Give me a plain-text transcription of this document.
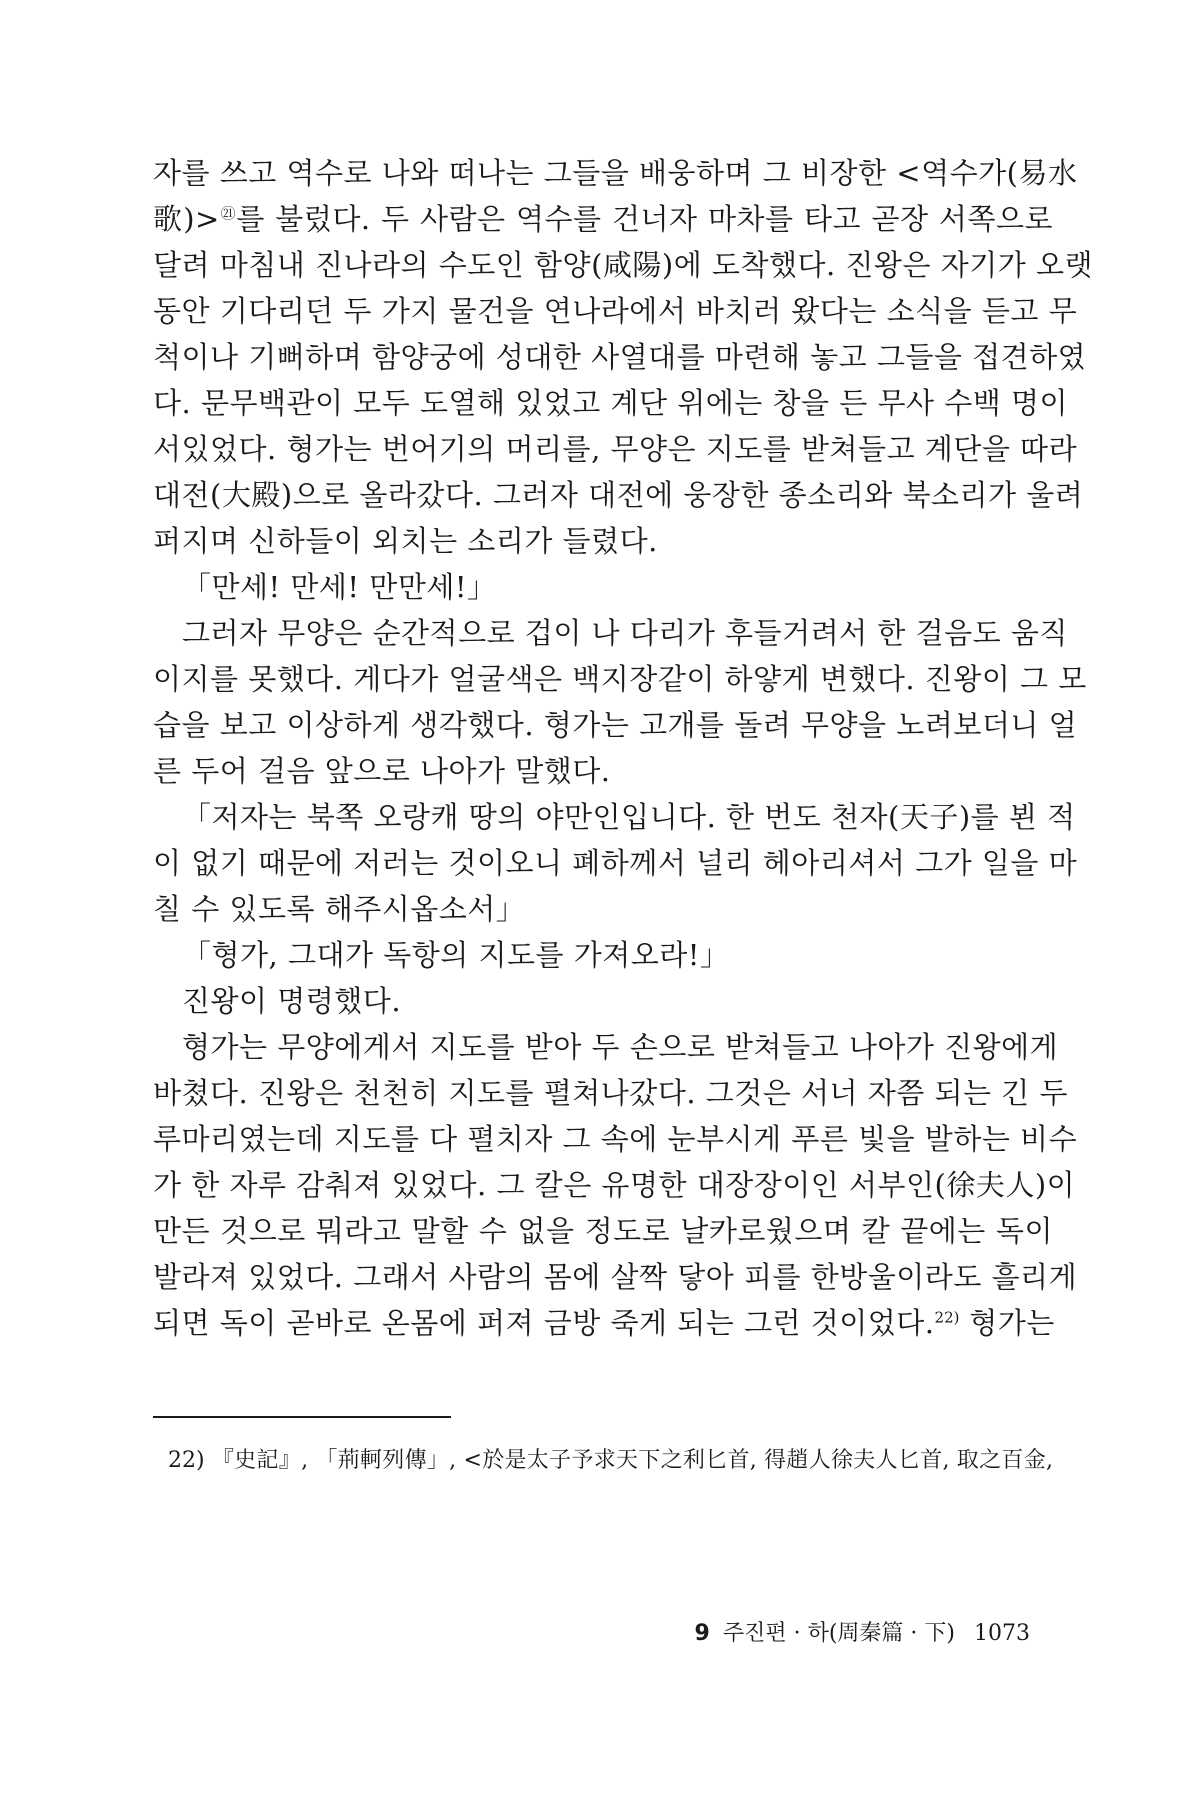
자를 쓰고 역수로 나와 떠나는 그들을 배웅하며 그 비장한 <역수가(易水
歌)>$^㉑$를 불렀다. 두 사람은 역수를 건너자 마차를 타고 곧장 서쪽으로
달려 마침내 진나라의 수도인 함양(咸陽)에 도착했다. 진왕은 자기가 오랫
동안 기다리던 두 가지 물건을 연나라에서 바치러 왔다는 소식을 듣고 무
척이나 기뻐하며 함양궁에 성대한 사열대를 마련해 놓고 그들을 접견하였
다. 문무백관이 모두 도열해 있었고 계단 위에는 창을 든 무사 수백 명이
서있었다. 형가는 번어기의 머리를, 무양은 지도를 받쳐들고 계단을 따라
대전(大殿)으로 올라갔다. 그러자 대전에 웅장한 종소리와 북소리가 울려
퍼지며 신하들이 외치는 소리가 들렸다.
「만세! 만세! 만만세!」
그러자 무양은 순간적으로 겁이 나 다리가 후들거려서 한 걸음도 움직
이지를 못했다. 게다가 얼굴색은 백지장같이 하얗게 변했다. 진왕이 그 모
습을 보고 이상하게 생각했다. 형가는 고개를 돌려 무양을 노려보더니 얼
른 두어 걸음 앞으로 나아가 말했다.
「저자는 북쪽 오랑캐 땅의 야만인입니다. 한 번도 천자(天子)를 뵌 적
이 없기 때문에 저러는 것이오니 폐하께서 널리 헤아리셔서 그가 일을 마
칠 수 있도록 해주시옵소서」
「형가, 그대가 독항의 지도를 가져오라!」
진왕이 명령했다.
형가는 무양에게서 지도를 받아 두 손으로 받쳐들고 나아가 진왕에게
바쳤다. 진왕은 천천히 지도를 펼쳐나갔다. 그것은 서너 자쯤 되는 긴 두
루마리였는데 지도를 다 펼치자 그 속에 눈부시게 푸른 빛을 발하는 비수
가 한 자루 감춰져 있었다. 그 칼은 유명한 대장장이인 서부인(徐夫人)이
만든 것으로 뭐라고 말할 수 없을 정도로 날카로웠으며 칼 끝에는 독이
발라져 있었다. 그래서 사람의 몸에 살짝 닿아 피를 한방울이라도 흘리게
되면 독이 곧바로 온몸에 퍼져 금방 죽게 되는 그런 것이었다.$^{22)}$ 형가는
22) 『史記』, 「荊軻列傳」, <於是太子予求天下之利匕首, 得趙人徐夫人匕首, 取之百金,
9 주진편 · 하(周秦篇 · 下) 1073
